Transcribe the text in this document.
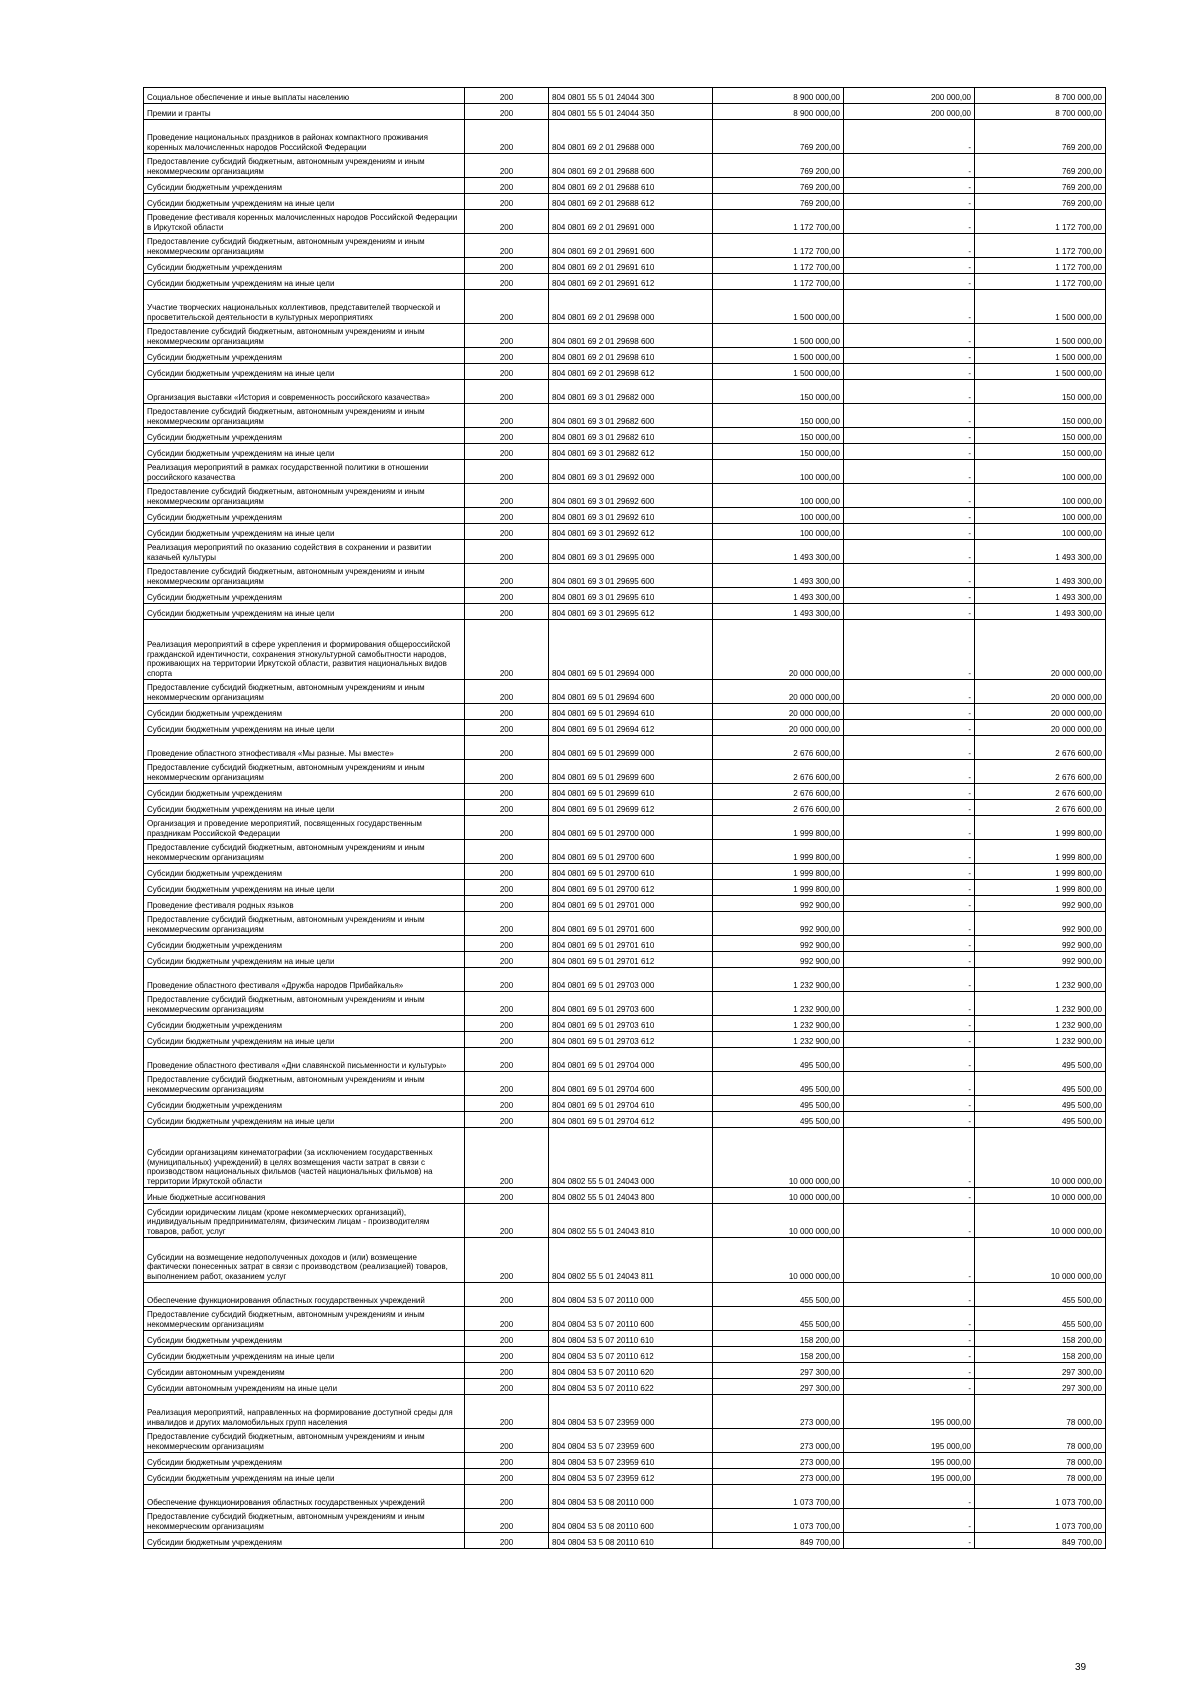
Социальное обеспечение и иные выплаты населению	200	804 0801 55 5 01 24044 300	8 900 000,00	200 000,00	8 700 000,00
Премии и гранты	200	804 0801 55 5 01 24044 350	8 900 000,00	200 000,00	8 700 000,00
Проведение национальных праздников в районах компактного проживания коренных малочисленных народов Российской Федерации	200	804 0801 69 2 01 29688 000	769 200,00	-	769 200,00
Предоставление субсидий бюджетным, автономным учреждениям и иным некоммерческим организациям	200	804 0801 69 2 01 29688 600	769 200,00	-	769 200,00
Субсидии бюджетным учреждениям	200	804 0801 69 2 01 29688 610	769 200,00	-	769 200,00
Субсидии бюджетным учреждениям на иные цели	200	804 0801 69 2 01 29688 612	769 200,00	-	769 200,00
Проведение фестиваля коренных малочисленных народов Российской Федерации в Иркутской области	200	804 0801 69 2 01 29691 000	1 172 700,00	-	1 172 700,00
Предоставление субсидий бюджетным, автономным учреждениям и иным некоммерческим организациям	200	804 0801 69 2 01 29691 600	1 172 700,00	-	1 172 700,00
Субсидии бюджетным учреждениям	200	804 0801 69 2 01 29691 610	1 172 700,00	-	1 172 700,00
Субсидии бюджетным учреждениям на иные цели	200	804 0801 69 2 01 29691 612	1 172 700,00	-	1 172 700,00
Участие творческих национальных коллективов, представителей творческой и просветительской деятельности в культурных мероприятиях	200	804 0801 69 2 01 29698 000	1 500 000,00	-	1 500 000,00
Предоставление субсидий бюджетным, автономным учреждениям и иным некоммерческим организациям	200	804 0801 69 2 01 29698 600	1 500 000,00	-	1 500 000,00
Субсидии бюджетным учреждениям	200	804 0801 69 2 01 29698 610	1 500 000,00	-	1 500 000,00
Субсидии бюджетным учреждениям на иные цели	200	804 0801 69 2 01 29698 612	1 500 000,00	-	1 500 000,00
Организация выставки «История и современность российского казачества»	200	804 0801 69 3 01 29682 000	150 000,00	-	150 000,00
Предоставление субсидий бюджетным, автономным учреждениям и иным некоммерческим организациям	200	804 0801 69 3 01 29682 600	150 000,00	-	150 000,00
Субсидии бюджетным учреждениям	200	804 0801 69 3 01 29682 610	150 000,00	-	150 000,00
Субсидии бюджетным учреждениям на иные цели	200	804 0801 69 3 01 29682 612	150 000,00	-	150 000,00
Реализация мероприятий в рамках государственной политики в отношении российского казачества	200	804 0801 69 3 01 29692 000	100 000,00	-	100 000,00
Предоставление субсидий бюджетным, автономным учреждениям и иным некоммерческим организациям	200	804 0801 69 3 01 29692 600	100 000,00	-	100 000,00
Субсидии бюджетным учреждениям	200	804 0801 69 3 01 29692 610	100 000,00	-	100 000,00
Субсидии бюджетным учреждениям на иные цели	200	804 0801 69 3 01 29692 612	100 000,00	-	100 000,00
Реализация мероприятий по оказанию содействия в сохранении и развитии казачьей культуры	200	804 0801 69 3 01 29695 000	1 493 300,00	-	1 493 300,00
Предоставление субсидий бюджетным, автономным учреждениям и иным некоммерческим организациям	200	804 0801 69 3 01 29695 600	1 493 300,00	-	1 493 300,00
Субсидии бюджетным учреждениям	200	804 0801 69 3 01 29695 610	1 493 300,00	-	1 493 300,00
Субсидии бюджетным учреждениям на иные цели	200	804 0801 69 3 01 29695 612	1 493 300,00	-	1 493 300,00
Реализация мероприятий в сфере укрепления и формирования общероссийской гражданской идентичности, сохранения этнокультурной самобытности народов, проживающих на территории Иркутской области, развития национальных видов спорта	200	804 0801 69 5 01 29694 000	20 000 000,00	-	20 000 000,00
Предоставление субсидий бюджетным, автономным учреждениям и иным некоммерческим организациям	200	804 0801 69 5 01 29694 600	20 000 000,00	-	20 000 000,00
Субсидии бюджетным учреждениям	200	804 0801 69 5 01 29694 610	20 000 000,00	-	20 000 000,00
Субсидии бюджетным учреждениям на иные цели	200	804 0801 69 5 01 29694 612	20 000 000,00	-	20 000 000,00
Проведение областного этнофестиваля «Мы разные. Мы вместе»	200	804 0801 69 5 01 29699 000	2 676 600,00	-	2 676 600,00
Предоставление субсидий бюджетным, автономным учреждениям и иным некоммерческим организациям	200	804 0801 69 5 01 29699 600	2 676 600,00	-	2 676 600,00
Субсидии бюджетным учреждениям	200	804 0801 69 5 01 29699 610	2 676 600,00	-	2 676 600,00
Субсидии бюджетным учреждениям на иные цели	200	804 0801 69 5 01 29699 612	2 676 600,00	-	2 676 600,00
Организация и проведение мероприятий, посвященных государственным праздникам Российской Федерации	200	804 0801 69 5 01 29700 000	1 999 800,00	-	1 999 800,00
Предоставление субсидий бюджетным, автономным учреждениям и иным некоммерческим организациям	200	804 0801 69 5 01 29700 600	1 999 800,00	-	1 999 800,00
Субсидии бюджетным учреждениям	200	804 0801 69 5 01 29700 610	1 999 800,00	-	1 999 800,00
Субсидии бюджетным учреждениям на иные цели	200	804 0801 69 5 01 29700 612	1 999 800,00	-	1 999 800,00
Проведение фестиваля родных языков	200	804 0801 69 5 01 29701 000	992 900,00	-	992 900,00
Предоставление субсидий бюджетным, автономным учреждениям и иным некоммерческим организациям	200	804 0801 69 5 01 29701 600	992 900,00	-	992 900,00
Субсидии бюджетным учреждениям	200	804 0801 69 5 01 29701 610	992 900,00	-	992 900,00
Субсидии бюджетным учреждениям на иные цели	200	804 0801 69 5 01 29701 612	992 900,00	-	992 900,00
Проведение областного фестиваля «Дружба народов Прибайкалья»	200	804 0801 69 5 01 29703 000	1 232 900,00	-	1 232 900,00
Предоставление субсидий бюджетным, автономным учреждениям и иным некоммерческим организациям	200	804 0801 69 5 01 29703 600	1 232 900,00	-	1 232 900,00
Субсидии бюджетным учреждениям	200	804 0801 69 5 01 29703 610	1 232 900,00	-	1 232 900,00
Субсидии бюджетным учреждениям на иные цели	200	804 0801 69 5 01 29703 612	1 232 900,00	-	1 232 900,00
Проведение областного фестиваля «Дни славянской письменности и культуры»	200	804 0801 69 5 01 29704 000	495 500,00	-	495 500,00
Предоставление субсидий бюджетным, автономным учреждениям и иным некоммерческим организациям	200	804 0801 69 5 01 29704 600	495 500,00	-	495 500,00
Субсидии бюджетным учреждениям	200	804 0801 69 5 01 29704 610	495 500,00	-	495 500,00
Субсидии бюджетным учреждениям на иные цели	200	804 0801 69 5 01 29704 612	495 500,00	-	495 500,00
Субсидии организациям кинематографии (за исключением государственных (муниципальных) учреждений) в целях возмещения части затрат в связи с производством национальных фильмов (частей национальных фильмов) на территории Иркутской области	200	804 0802 55 5 01 24043 000	10 000 000,00	-	10 000 000,00
Иные бюджетные ассигнования	200	804 0802 55 5 01 24043 800	10 000 000,00	-	10 000 000,00
Субсидии юридическим лицам (кроме некоммерческих организаций), индивидуальным предпринимателям, физическим лицам - производителям товаров, работ, услуг	200	804 0802 55 5 01 24043 810	10 000 000,00	-	10 000 000,00
Субсидии на возмещение недополученных доходов и (или) возмещение фактически понесенных затрат в связи с производством (реализацией) товаров, выполнением работ, оказанием услуг	200	804 0802 55 5 01 24043 811	10 000 000,00	-	10 000 000,00
Обеспечение функционирования областных государственных учреждений	200	804 0804 53 5 07 20110 000	455 500,00	-	455 500,00
Предоставление субсидий бюджетным, автономным учреждениям и иным некоммерческим организациям	200	804 0804 53 5 07 20110 600	455 500,00	-	455 500,00
Субсидии бюджетным учреждениям	200	804 0804 53 5 07 20110 610	158 200,00	-	158 200,00
Субсидии бюджетным учреждениям на иные цели	200	804 0804 53 5 07 20110 612	158 200,00	-	158 200,00
Субсидии автономным учреждениям	200	804 0804 53 5 07 20110 620	297 300,00	-	297 300,00
Субсидии автономным учреждениям на иные цели	200	804 0804 53 5 07 20110 622	297 300,00	-	297 300,00
Реализация мероприятий, направленных на формирование доступной среды для инвалидов и других маломобильных групп населения	200	804 0804 53 5 07 23959 000	273 000,00	195 000,00	78 000,00
Предоставление субсидий бюджетным, автономным учреждениям и иным некоммерческим организациям	200	804 0804 53 5 07 23959 600	273 000,00	195 000,00	78 000,00
Субсидии бюджетным учреждениям	200	804 0804 53 5 07 23959 610	273 000,00	195 000,00	78 000,00
Субсидии бюджетным учреждениям на иные цели	200	804 0804 53 5 07 23959 612	273 000,00	195 000,00	78 000,00
Обеспечение функционирования областных государственных учреждений	200	804 0804 53 5 08 20110 000	1 073 700,00	-	1 073 700,00
Предоставление субсидий бюджетным, автономным учреждениям и иным некоммерческим организациям	200	804 0804 53 5 08 20110 600	1 073 700,00	-	1 073 700,00
Субсидии бюджетным учреждениям	200	804 0804 53 5 08 20110 610	849 700,00	-	849 700,00
39
